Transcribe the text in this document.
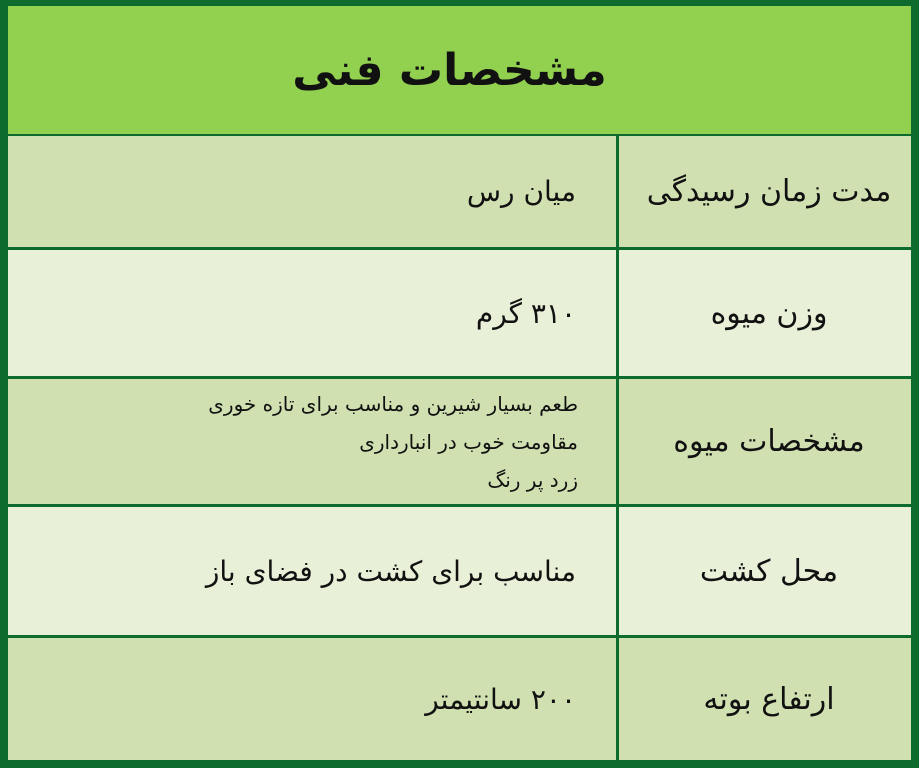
مشخصات فنی
مدت زمان رسیدگی
میان رس
وزن میوه
۳۱۰ گرم
مشخصات میوه
طعم بسیار شیرین و مناسب برای تازه خوری
مقاومت خوب در انبارداری
زرد پر رنگ
محل کشت
مناسب برای کشت در فضای باز
ارتفاع بوته
۲۰۰ سانتیمتر
